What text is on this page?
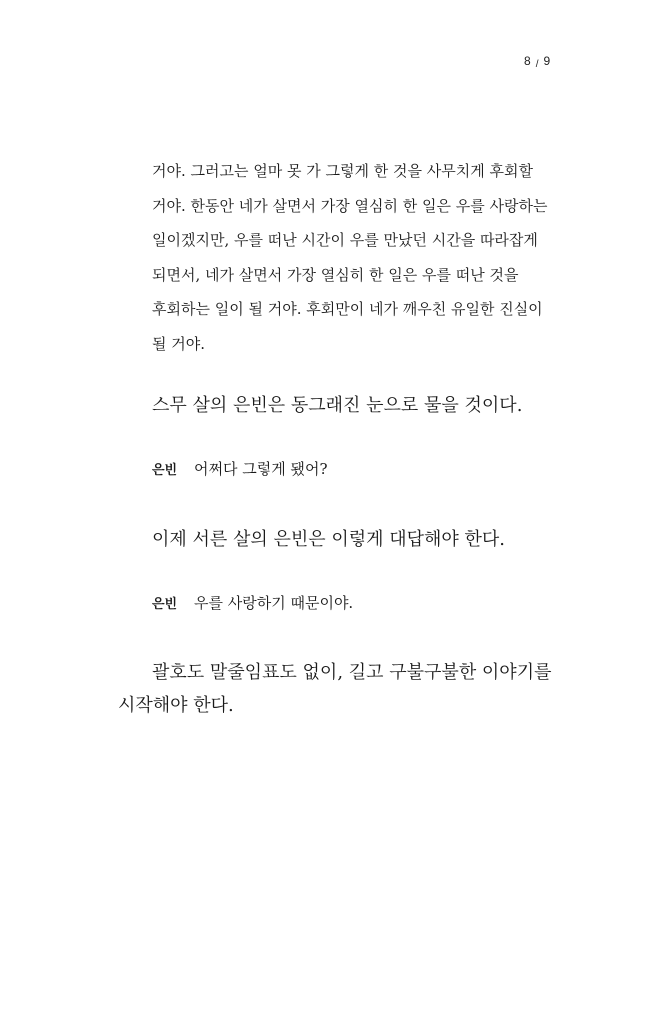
8 / 9
거야. 그러고는 얼마 못 가 그렇게 한 것을 사무치게 후회할
거야. 한동안 네가 살면서 가장 열심히 한 일은 우를 사랑하는
일이겠지만, 우를 떠난 시간이 우를 만났던 시간을 따라잡게
되면서, 네가 살면서 가장 열심히 한 일은 우를 떠난 것을
후회하는 일이 될 거야. 후회만이 네가 깨우친 유일한 진실이
될 거야.
스무 살의 은빈은 동그래진 눈으로 물을 것이다.
은빈 어쩌다 그렇게 됐어?
이제 서른 살의 은빈은 이렇게 대답해야 한다.
은빈 우를 사랑하기 때문이야.
괄호도 말줄임표도 없이, 길고 구불구불한 이야기를
시작해야 한다.
